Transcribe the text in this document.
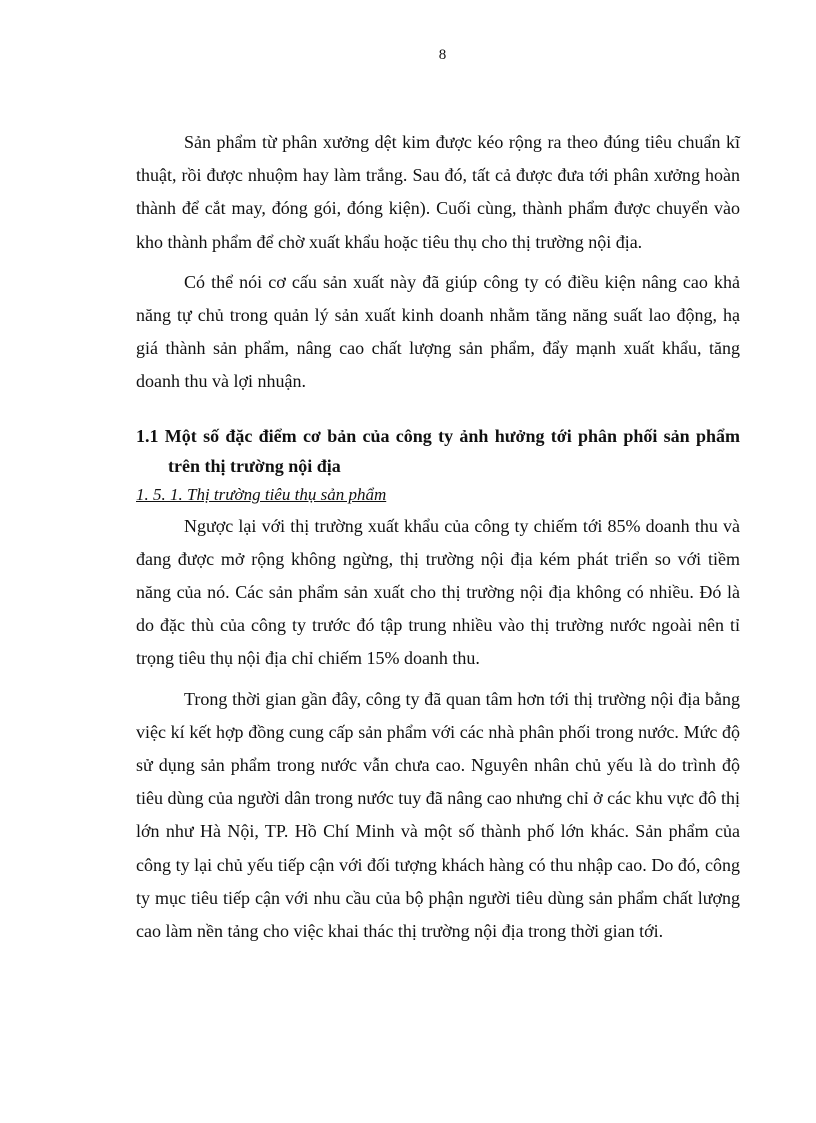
8

Sản phẩm từ phân xưởng dệt kim được kéo rộng ra theo đúng tiêu chuẩn kĩ thuật, rồi được nhuộm hay làm trắng. Sau đó, tất cả được đưa tới phân xưởng hoàn thành để cắt may, đóng gói, đóng kiện). Cuối cùng, thành phẩm được chuyển vào kho thành phẩm để chờ xuất khẩu hoặc tiêu thụ cho thị trường nội địa.

Có thể nói cơ cấu sản xuất này đã giúp công ty có điều kiện nâng cao khả năng tự chủ trong quản lý sản xuất kinh doanh nhằm tăng năng suất lao động, hạ giá thành sản phẩm, nâng cao chất lượng sản phẩm, đẩy mạnh xuất khẩu, tăng doanh thu và lợi nhuận.

1.1 Một số đặc điểm cơ bản của công ty ảnh hưởng tới phân phối sản phẩm trên thị trường nội địa
1. 5. 1. Thị trường tiêu thụ sản phẩm

Ngược lại với thị trường xuất khẩu của công ty chiếm tới 85% doanh thu và đang được mở rộng không ngừng, thị trường nội địa kém phát triển so với tiềm năng của nó. Các sản phẩm sản xuất cho thị trường nội địa không có nhiều. Đó là do đặc thù của công ty trước đó tập trung nhiều vào thị trường nước ngoài nên tỉ trọng tiêu thụ nội địa chỉ chiếm 15% doanh thu.

Trong thời gian gần đây, công ty đã quan tâm hơn tới thị trường nội địa bằng việc kí kết hợp đồng cung cấp sản phẩm với các nhà phân phối trong nước. Mức độ sử dụng sản phẩm trong nước vẫn chưa cao. Nguyên nhân chủ yếu là do trình độ tiêu dùng của người dân trong nước tuy đã nâng cao nhưng chỉ ở các khu vực đô thị lớn như Hà Nội, TP. Hồ Chí Minh và một số thành phố lớn khác. Sản phẩm của công ty lại chủ yếu tiếp cận với đối tượng khách hàng có thu nhập cao. Do đó, công ty mục tiêu tiếp cận với nhu cầu của bộ phận người tiêu dùng sản phẩm chất lượng cao làm nền tảng cho việc khai thác thị trường nội địa trong thời gian tới.
